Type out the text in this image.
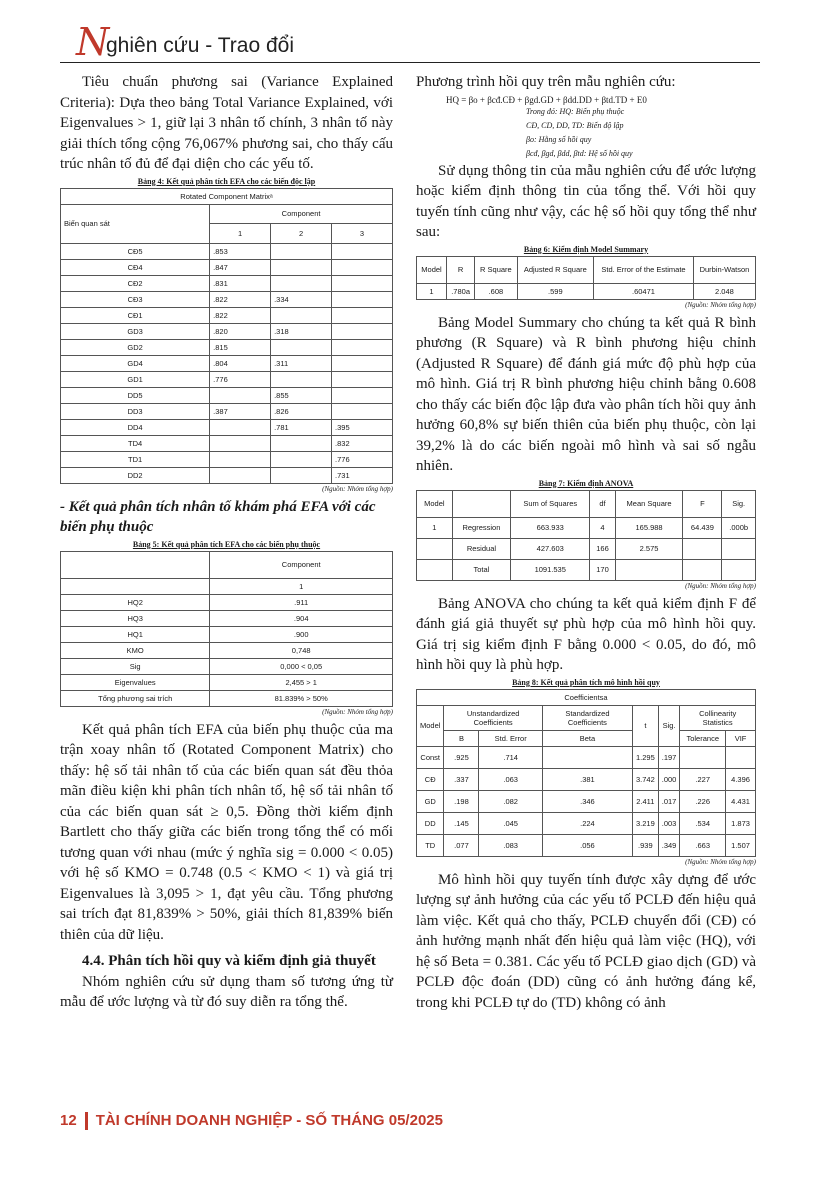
N
ghiên cứu - Trao đổi

Tiêu chuẩn phương sai (Variance Explained Criteria): Dựa theo bảng Total Variance Explained, với Eigenvalues > 1, giữ lại 3 nhân tố chính, 3 nhân tố này giải thích tổng cộng 76,067% phương sai, cho thấy cấu trúc nhân tố đủ để đại diện cho các yếu tố.

Bảng 4: Kết quả phân tích EFA cho các biến độc lập
Rotated Component Matrixᵃ			
Biến quan sát	Component		
	1	2	3
CĐ5	.853		
CĐ4	.847		
CĐ2	.831		
CĐ3	.822	.334	
CĐ1	.822		
GD3	.820	.318	
GD2	.815		
GD4	.804	.311	
GD1	.776		
DD5		.855	
DD3	.387	.826	
DD4		.781	.395
TD4			.832
TD1			.776
DD2			.731
(Nguồn: Nhóm tổng hợp)

- Kết quả phân tích nhân tố khám phá EFA với các biến phụ thuộc

Bảng 5: Kết quả phân tích EFA cho các biến phụ thuộc
	Component
	1
HQ2	.911
HQ3	.904
HQ1	.900
KMO	0,748
Sig	0,000 < 0,05
Eigenvalues	2,455 > 1
Tổng phương sai trích	81.839% > 50%
(Nguồn: Nhóm tổng hợp)

Kết quả phân tích EFA của biến phụ thuộc của ma trận xoay nhân tố (Rotated Component Matrix) cho thấy: hệ số tải nhân tố của các biến quan sát đều thỏa mãn điều kiện khi phân tích nhân tố, hệ số tải nhân tố của các biến quan sát ≥ 0,5. Đồng thời kiểm định Bartlett cho thấy giữa các biến trong tổng thể có mối tương quan với nhau (mức ý nghĩa sig = 0.000 < 0.05) với hệ số KMO = 0.748 (0.5 < KMO < 1) và giá trị Eigenvalues là 3,095 > 1, đạt yêu cầu. Tổng phương sai trích đạt 81,839% > 50%, giải thích 81,839% biến thiên của dữ liệu.

4.4. Phân tích hồi quy và kiểm định giả thuyết

Nhóm nghiên cứu sử dụng tham số tương ứng từ mẫu để ước lượng và từ đó suy diễn ra tổng thể.

Phương trình hồi quy trên mẫu nghiên cứu:

HQ = βo + βcđ.CĐ + βgd.GD + βdd.DD + βtd.TD + E0
Trong đó: HQ: Biến phụ thuộc
CĐ, CD, DD, TD: Biến độ lập
βo: Hằng số hồi quy
βcđ, βgd, βdd, βtd: Hệ số hồi quy

Sử dụng thông tin của mẫu nghiên cứu để ước lượng hoặc kiểm định thông tin của tổng thể. Với hồi quy tuyến tính cũng như vậy, các hệ số hồi quy tổng thể như sau:

Bảng 6: Kiểm định Model Summary
Model	R	R Square	Adjusted R Square	Std. Error of the Estimate	Durbin-Watson
1	.780a	.608	.599	.60471	2.048
(Nguồn: Nhóm tổng hợp)

Bảng Model Summary cho chúng ta kết quả R bình phương (R Square) và R bình phương hiệu chỉnh (Adjusted R Square) để đánh giá mức độ phù hợp của mô hình. Giá trị R bình phương hiệu chỉnh bằng 0.608 cho thấy các biến độc lập đưa vào phân tích hồi quy ảnh hưởng 60,8% sự biến thiên của biến phụ thuộc, còn lại 39,2% là do các biến ngoài mô hình và sai số ngẫu nhiên.

Bảng 7: Kiểm định ANOVA
Model		Sum of Squares	df	Mean Square	F	Sig.
1	Regression	663.933	4	165.988	64.439	.000b
	Residual	427.603	166	2.575		
	Total	1091.535	170			
(Nguồn: Nhóm tổng hợp)

Bảng ANOVA cho chúng ta kết quả kiểm định F để đánh giá giả thuyết sự phù hợp của mô hình hồi quy. Giá trị sig kiểm định F bằng 0.000 < 0.05, do đó, mô hình hồi quy là phù hợp.

Bảng 8: Kết quả phân tích mô hình hồi quy
Coefficientsa							
Model	Unstandardized Coefficients		Standardized Coefficients	t	Sig.	Collinearity Statistics	
	B	Std. Error	Beta			Tolerance	VIF
Const	.925	.714		1.295	.197		
CĐ	.337	.063	.381	3.742	.000	.227	4.396
GD	.198	.082	.346	2.411	.017	.226	4.431
DD	.145	.045	.224	3.219	.003	.534	1.873
TD	.077	.083	.056	.939	.349	.663	1.507
(Nguồn: Nhóm tổng hợp)

Mô hình hồi quy tuyến tính được xây dựng để ước lượng sự ảnh hưởng của các yếu tố PCLĐ đến hiệu quả làm việc. Kết quả cho thấy, PCLĐ chuyển đổi (CĐ) có ảnh hưởng mạnh nhất đến hiệu quả làm việc (HQ), với hệ số Beta = 0.381. Các yếu tố PCLĐ giao dịch (GD) và PCLĐ độc đoán (DD) cũng có ảnh hưởng đáng kể, trong khi PCLĐ tự do (TD) không có ảnh

12 TÀI CHÍNH DOANH NGHIỆP - SỐ THÁNG 05/2025
